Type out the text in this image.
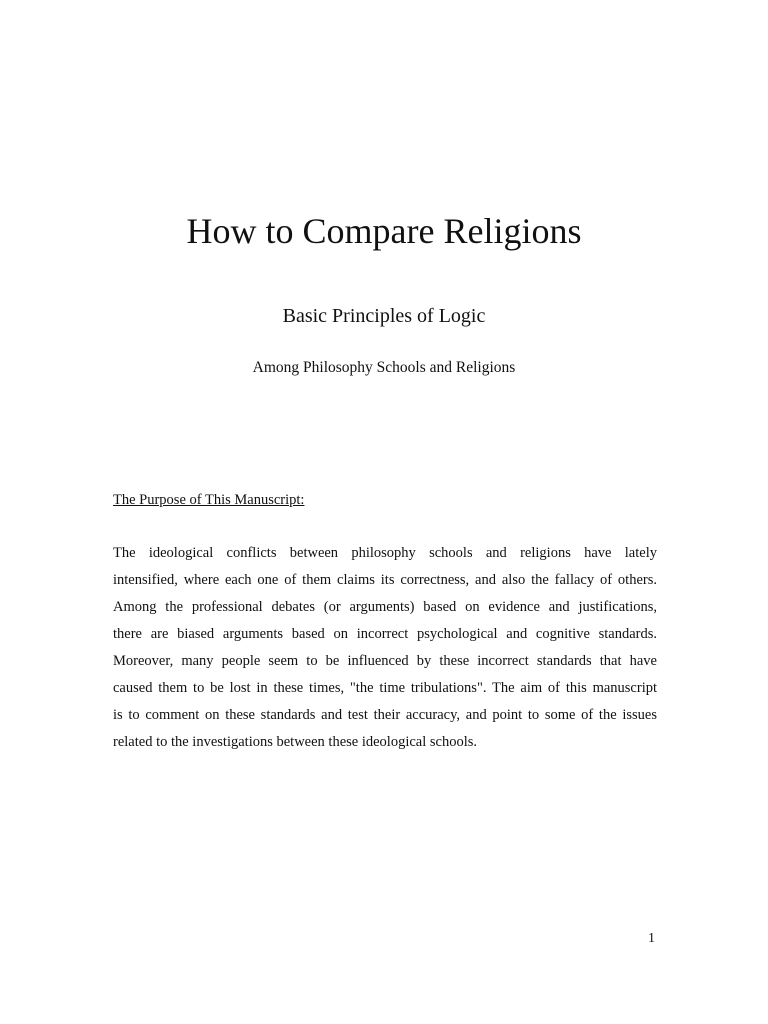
How to Compare Religions
Basic Principles of Logic
Among Philosophy Schools and Religions
The Purpose of This Manuscript:
The ideological conflicts between philosophy schools and religions have lately
intensified, where each one of them claims its correctness, and also the fallacy of others.
Among the professional debates (or arguments) based on evidence and justifications,
there are biased arguments based on incorrect psychological and cognitive standards.
Moreover, many people seem to be influenced by these incorrect standards that have
caused them to be lost in these times, "the time tribulations". The aim of this manuscript
is to comment on these standards and test their accuracy, and point to some of the issues
related to the investigations between these ideological schools.
1
